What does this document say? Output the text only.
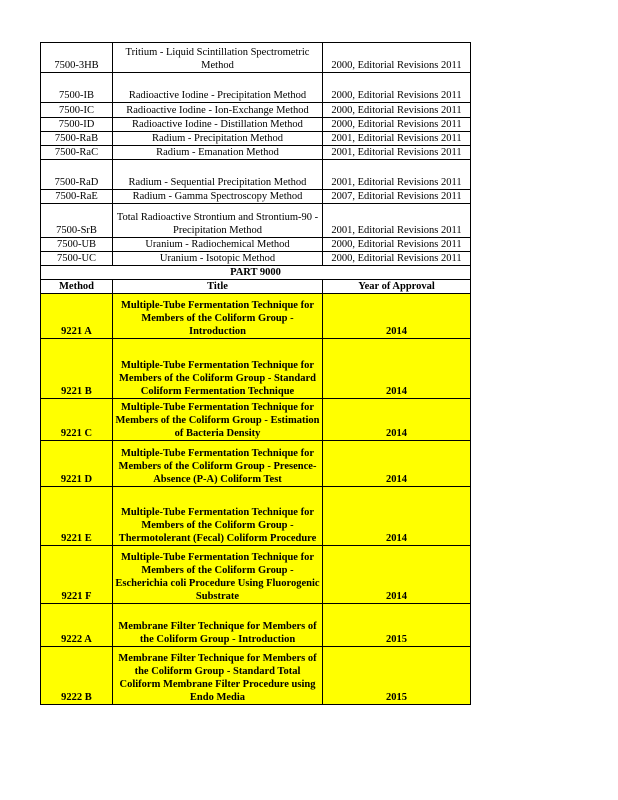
7500-3HB	Tritium - Liquid Scintillation Spectrometric Method	2000, Editorial Revisions 2011
7500-IB	Radioactive Iodine - Precipitation Method	2000, Editorial Revisions 2011
7500-IC	Radioactive Iodine - Ion-Exchange Method	2000, Editorial Revisions 2011
7500-ID	Radioactive Iodine - Distillation Method	2000, Editorial Revisions 2011
7500-RaB	Radium - Precipitation Method	2001, Editorial Revisions 2011
7500-RaC	Radium - Emanation Method	2001, Editorial Revisions 2011
7500-RaD	Radium - Sequential Precipitation Method	2001, Editorial Revisions 2011
7500-RaE	Radium - Gamma Spectroscopy Method	2007, Editorial Revisions 2011
7500-SrB	Total Radioactive Strontium and Strontium-90 - Precipitation Method	2001, Editorial Revisions 2011
7500-UB	Uranium - Radiochemical Method	2000, Editorial Revisions 2011
7500-UC	Uranium - Isotopic Method	2000, Editorial Revisions 2011
PART 9000		
Method	Title	Year of Approval
9221 A	Multiple-Tube Fermentation Technique for Members of the Coliform Group - Introduction	2014
9221 B	Multiple-Tube Fermentation Technique for Members of the Coliform Group - Standard Coliform Fermentation Technique	2014
9221 C	Multiple-Tube Fermentation Technique for Members of the Coliform Group - Estimation of Bacteria Density	2014
9221 D	Multiple-Tube Fermentation Technique for Members of the Coliform Group - Presence-Absence (P-A) Coliform Test	2014
9221 E	Multiple-Tube Fermentation Technique for Members of the Coliform Group - Thermotolerant (Fecal) Coliform Procedure	2014
9221 F	Multiple-Tube Fermentation Technique for Members of the Coliform Group - Escherichia coli Procedure Using Fluorogenic Substrate	2014
9222 A	Membrane Filter Technique for Members of the Coliform Group - Introduction	2015
9222 B	Membrane Filter Technique for Members of the Coliform Group - Standard Total Coliform Membrane Filter Procedure using Endo Media	2015
